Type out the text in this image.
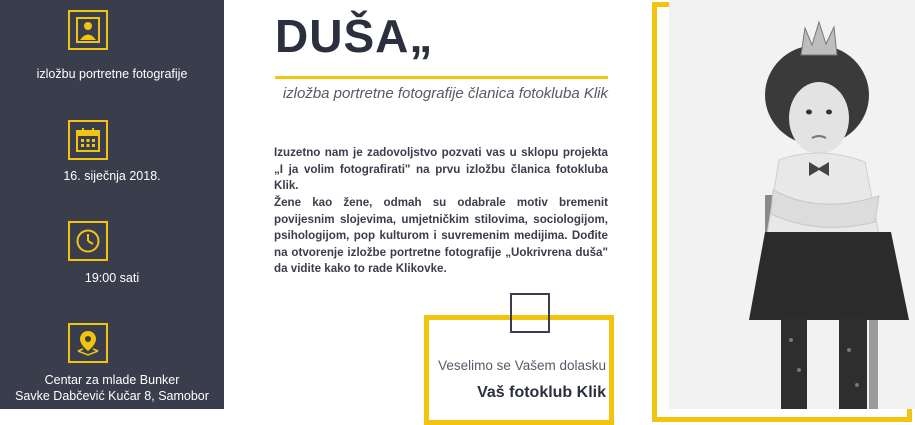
izložbu portretne fotografije
16. siječnja 2018.
19:00 sati
Centar za mlade Bunker
Savke Dabčević Kučar 8, Samobor
DUŠA„
izložba portretne fotografije članica fotokluba Klik
Izuzetno nam je zadovoljstvo pozvati vas u sklopu projekta „I ja volim fotografirati" na prvu izložbu članica fotokluba Klik.
Žene kao žene, odmah su odabrale motiv bremenit povijesnim slojevima, umjetničkim stilovima, sociologijom, psihologijom, pop kulturom i suvremenim medijima. Dođite na otvorenje izložbe portretne fotografije „Uokrivrena duša" da vidite kako to rade Klikovke.
Veselimo se Vašem dolasku
Vaš fotoklub Klik
